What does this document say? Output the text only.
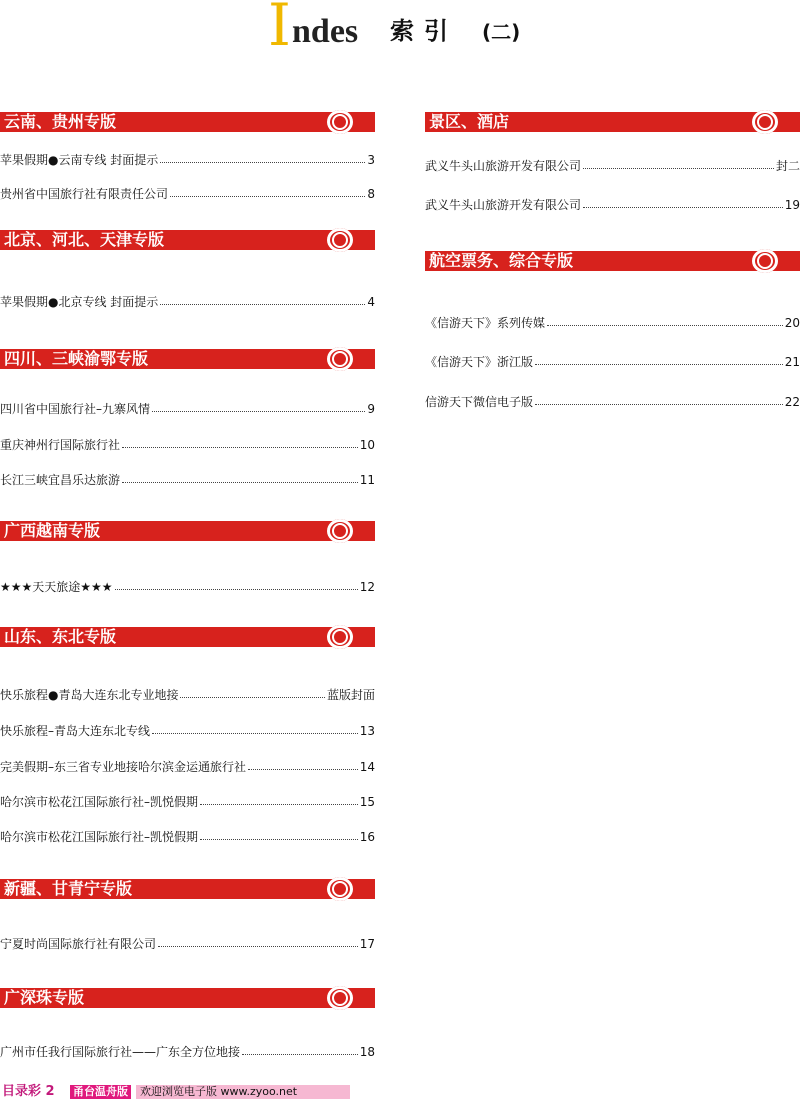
I ndes 索引 (二)
云南、贵州专版
苹果假期●云南专线 封面提示	3
贵州省中国旅行社有限责任公司	8
北京、河北、天津专版
苹果假期●北京专线 封面提示	4
四川、三峡渝鄂专版
四川省中国旅行社–九寨风情	9
重庆神州行国际旅行社	10
长江三峡宜昌乐达旅游	11
广西越南专版
★★★天天旅途★★★	12
山东、东北专版
快乐旅程●青岛大连东北专业地接	蓝版封面
快乐旅程–青岛大连东北专线	13
完美假期–东三省专业地接哈尔滨金运通旅行社	14
哈尔滨市松花江国际旅行社–凯悦假期	15
哈尔滨市松花江国际旅行社–凯悦假期	16
新疆、甘青宁专版
宁夏时尚国际旅行社有限公司	17
广深珠专版
广州市任我行国际旅行社——广东全方位地接	18
景区、酒店
武义牛头山旅游开发有限公司	封二
武义牛头山旅游开发有限公司	19
航空票务、综合专版
《信游天下》系列传媒	20
《信游天下》浙江版	21
信游天下微信电子版	22
目录彩 2 甬台温舟版	欢迎浏览电子版 www.zyoo.net
